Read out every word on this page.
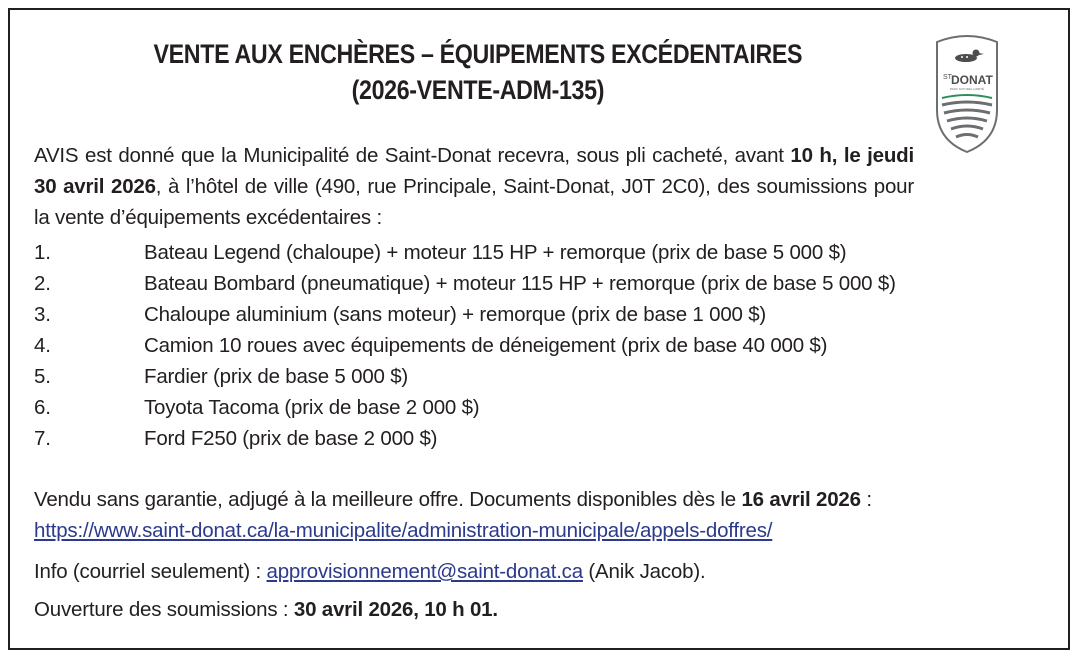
VENTE AUX ENCHÈRES – ÉQUIPEMENTS EXCÉDENTAIRES
(2026-VENTE-ADM-135)	ST DONAT
PARC NATUREL HABITÉ
AVIS est donné que la Municipalité de Saint-Donat recevra, sous pli cacheté, avant 10 h, le jeudi 30 avril 2026, à l’hôtel de ville (490, rue Principale, Saint-Donat, J0T 2C0), des soumissions pour la vente d’équipements excédentaires :
1.	Bateau Legend (chaloupe) + moteur 115 HP + remorque (prix de base 5 000 $)
2.	Bateau Bombard (pneumatique) + moteur 115 HP + remorque (prix de base 5 000 $)
3.	Chaloupe aluminium (sans moteur) + remorque (prix de base 1 000 $)
4.	Camion 10 roues avec équipements de déneigement (prix de base 40 000 $)
5.	Fardier (prix de base 5 000 $)
6.	Toyota Tacoma (prix de base 2 000 $)
7.	Ford F250 (prix de base 2 000 $)
Vendu sans garantie, adjugé à la meilleure offre. Documents disponibles dès le 16 avril 2026 :
https://www.saint-donat.ca/la-municipalite/administration-municipale/appels-doffres/
Info (courriel seulement) : approvisionnement@saint-donat.ca (Anik Jacob).
Ouverture des soumissions : 30 avril 2026, 10 h 01.
